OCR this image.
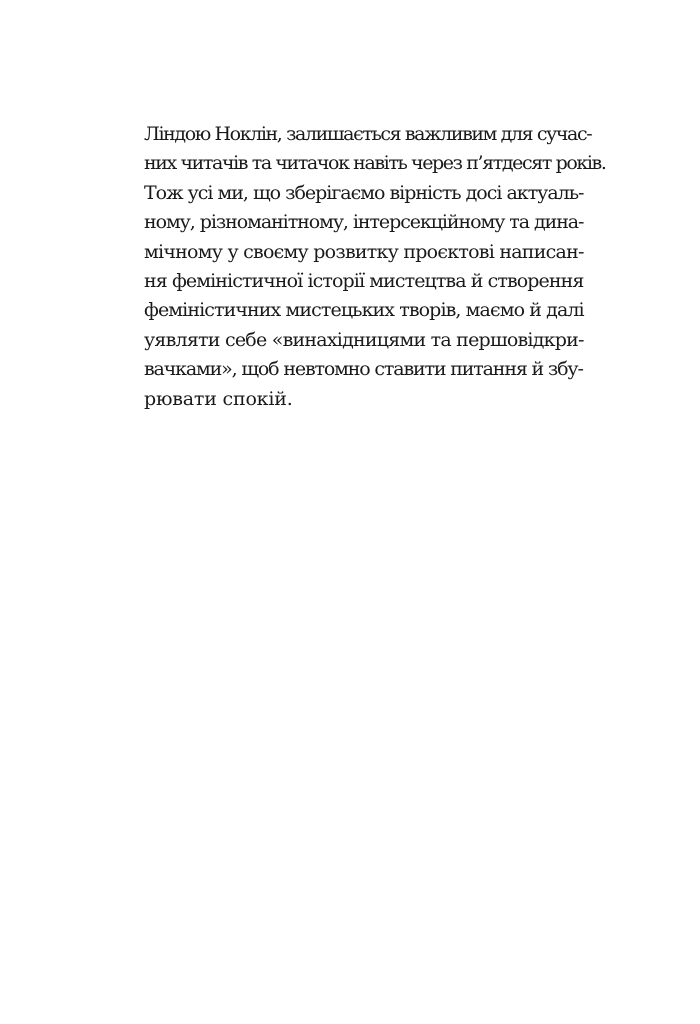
Ліндою Ноклін, залишається важливим для сучас-
них читачів та читачок навіть через п’ятдесят років.
Тож усі ми, що зберігаємо вірність досі актуаль-
ному, різноманітному, інтерсекційному та дина-
мічному у своєму розвитку проєктові написан-
ня феміністичної історії мистецтва й створення
феміністичних мистецьких творів, маємо й далі
уявляти себе «винахідницями та першовідкри-
вачками», щоб невтомно ставити питання й збу-
рювати спокій.
